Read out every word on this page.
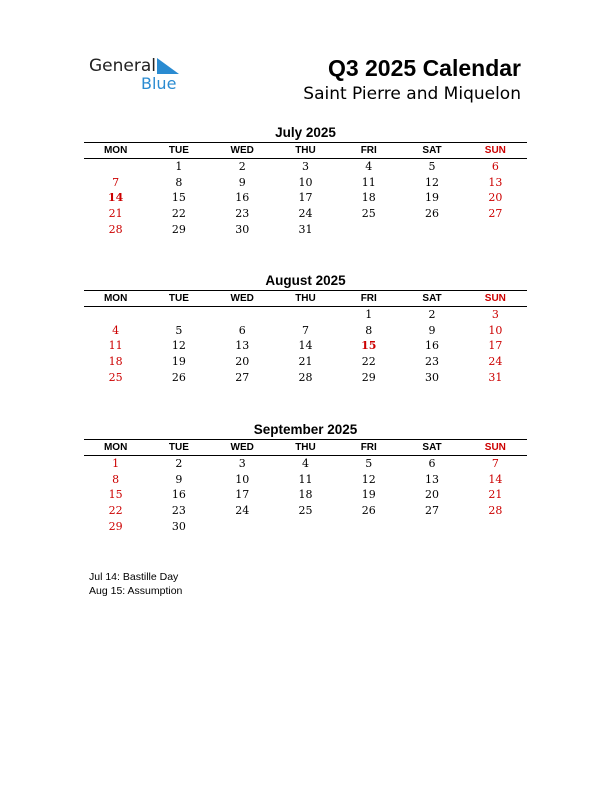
General
Blue
Q3 2025 Calendar
Saint Pierre and Miquelon
July 2025
MON	TUE	WED	THU	FRI	SAT	SUN
	1	2	3	4	5	6
7	8	9	10	11	12	13
14	15	16	17	18	19	20
21	22	23	24	25	26	27
28	29	30	31			
August 2025
MON	TUE	WED	THU	FRI	SAT	SUN
				1	2	3
4	5	6	7	8	9	10
11	12	13	14	15	16	17
18	19	20	21	22	23	24
25	26	27	28	29	30	31
September 2025
MON	TUE	WED	THU	FRI	SAT	SUN
1	2	3	4	5	6	7
8	9	10	11	12	13	14
15	16	17	18	19	20	21
22	23	24	25	26	27	28
29	30					
Jul 14: Bastille Day
Aug 15: Assumption
